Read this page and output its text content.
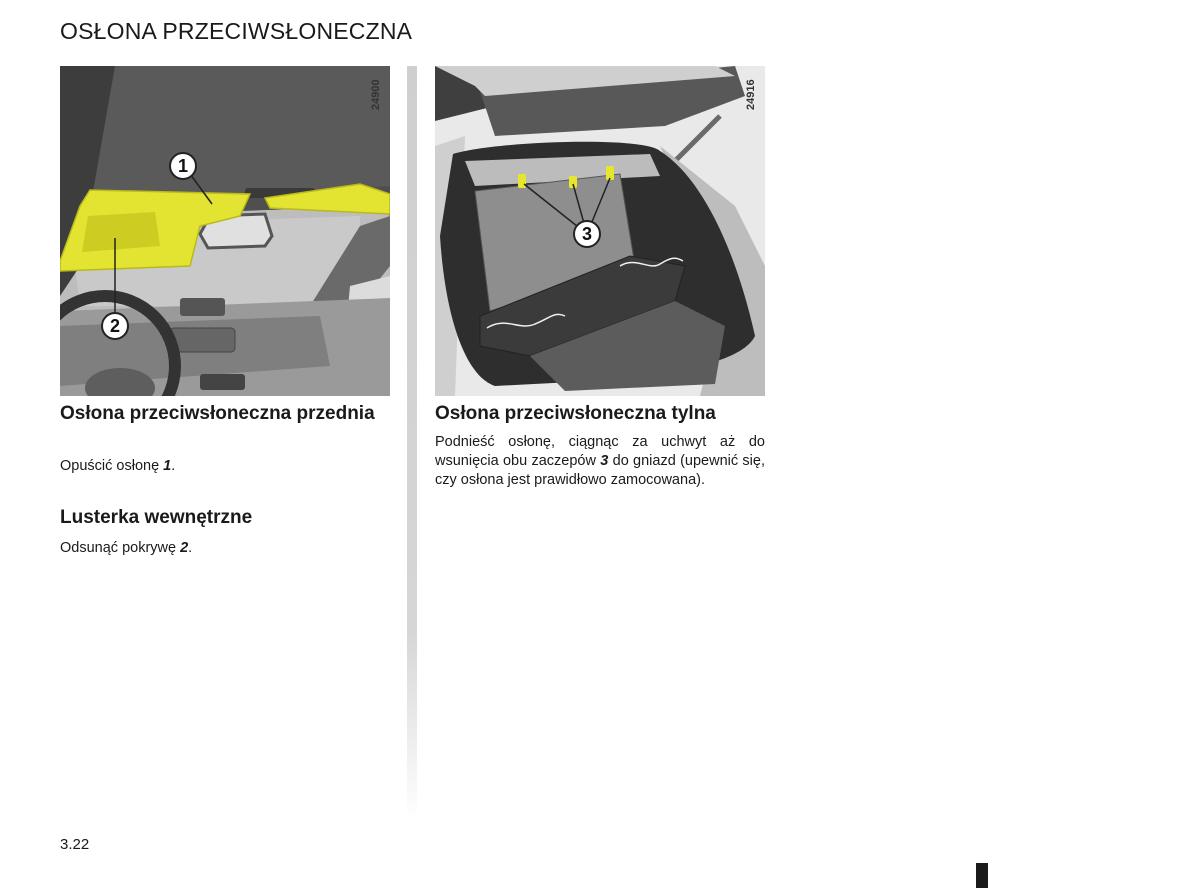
OSŁONA PRZECIWSŁONECZNA
1
2
24900
3
24916
Osłona przeciwsłoneczna przednia

Opuścić osłonę 1.

Lusterka wewnętrzne

Odsunąć pokrywę 2.

Osłona przeciwsłoneczna tylna

Podnieść osłonę, ciągnąc za uchwyt aż do wsunięcia obu zaczepów 3 do gniazd (upewnić się, czy osłona jest prawidłowo zamocowana).

3.22
